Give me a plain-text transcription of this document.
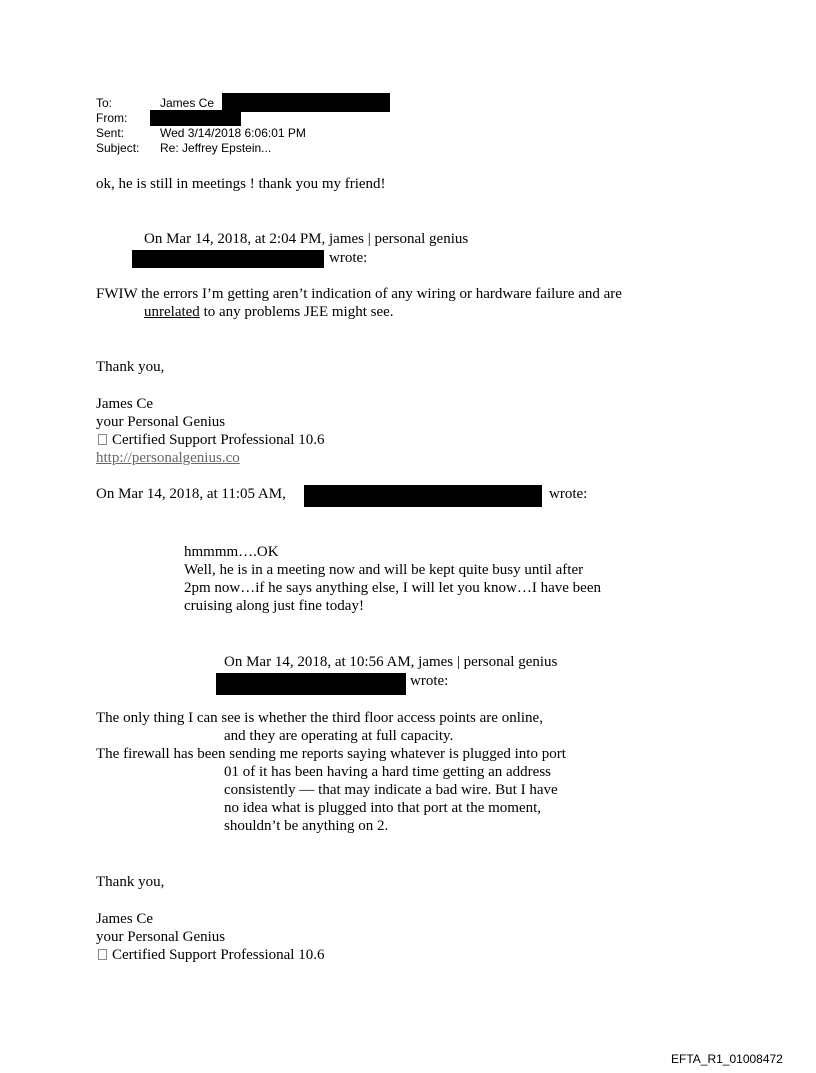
To:	James Ce
From:
Sent:	Wed 3/14/2018 6:06:01 PM
Subject: Re: Jeffrey Epstein...
ok, he is still in meetings ! thank you my friend!
On Mar 14, 2018, at 2:04 PM, james | personal genius
wrote:
FWIW the errors I’m getting aren’t indication of any wiring or hardware failure and are
unrelated to any problems JEE might see.
Thank you,
James Ce
your Personal Genius
Certified Support Professional 10.6
http://personalgenius.co
On Mar 14, 2018, at 11:05 AM,	wrote:
hmmmm….OK
Well, he is in a meeting now and will be kept quite busy until after
2pm now…if he says anything else, I will let you know…I have been
cruising along just fine today!
On Mar 14, 2018, at 10:56 AM, james | personal genius
wrote:
The only thing I can see is whether the third floor access points are online,
and they are operating at full capacity.
The firewall has been sending me reports saying whatever is plugged into port
01 of it has been having a hard time getting an address
consistently — that may indicate a bad wire. But I have
no idea what is plugged into that port at the moment,
shouldn’t be anything on 2.
Thank you,
James Ce
your Personal Genius
Certified Support Professional 10.6
EFTA_R1_01008472
